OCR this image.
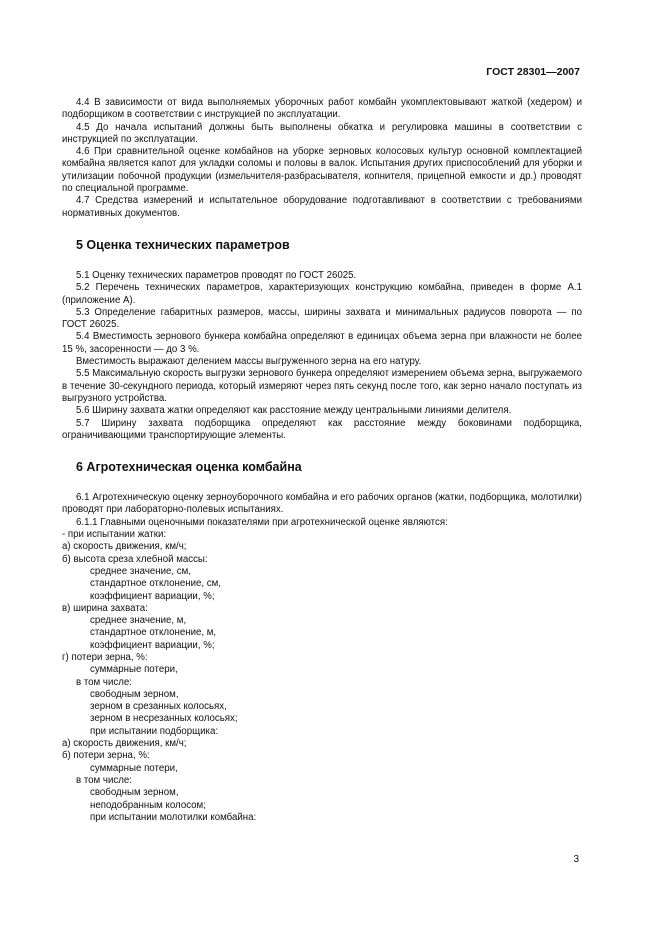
ГОСТ 28301—2007

4.4 В зависимости от вида выполняемых уборочных работ комбайн укомплектовывают жаткой (хедером) и подборщиком в соответствии с инструкцией по эксплуатации.

4.5 До начала испытаний должны быть выполнены обкатка и регулировка машины в соответствии с инструкцией по эксплуатации.

4.6 При сравнительной оценке комбайнов на уборке зерновых колосовых культур основной комплектацией комбайна является капот для укладки соломы и половы в валок. Испытания других приспособлений для уборки и утилизации побочной продукции (измельчителя-разбрасывателя, копнителя, прицепной емкости и др.) проводят по специальной программе.

4.7 Средства измерений и испытательное оборудование подготавливают в соответствии с требованиями нормативных документов.

5 Оценка технических параметров

5.1 Оценку технических параметров проводят по ГОСТ 26025.

5.2 Перечень технических параметров, характеризующих конструкцию комбайна, приведен в форме А.1 (приложение А).

5.3 Определение габаритных размеров, массы, ширины захвата и минимальных радиусов поворота — по ГОСТ 26025.

5.4 Вместимость зернового бункера комбайна определяют в единицах объема зерна при влажности не более 15 %, засоренности — до 3 %.

Вместимость выражают делением массы выгруженного зерна на его натуру.

5.5 Максимальную скорость выгрузки зернового бункера определяют измерением объема зерна, выгружаемого в течение 30-секундного периода, который измеряют через пять секунд после того, как зерно начало поступать из выгрузного устройства.

5.6 Ширину захвата жатки определяют как расстояние между центральными линиями делителя.

5.7 Ширину захвата подборщика определяют как расстояние между боковинами подборщика, ограничивающими транспортирующие элементы.

6 Агротехническая оценка комбайна

6.1 Агротехническую оценку зерноуборочного комбайна и его рабочих органов (жатки, подборщика, молотилки) проводят при лабораторно-полевых испытаниях.

6.1.1 Главными оценочными показателями при агротехнической оценке являются:

- при испытании жатки:

а) скорость движения, км/ч;

б) высота среза хлебной массы:

среднее значение, см,

стандартное отклонение, см,

коэффициент вариации, %;

в) ширина захвата:

среднее значение, м,

стандартное отклонение, м,

коэффициент вариации, %;

г) потери зерна, %:

суммарные потери,

в том числе:

свободным зерном,

зерном в срезанных колосьях,

зерном в несрезанных колосьях;

при испытании подборщика:

а) скорость движения, км/ч;

б) потери зерна, %:

суммарные потери,

в том числе:

свободным зерном,

неподобранным колосом;

при испытании молотилки комбайна:

3
